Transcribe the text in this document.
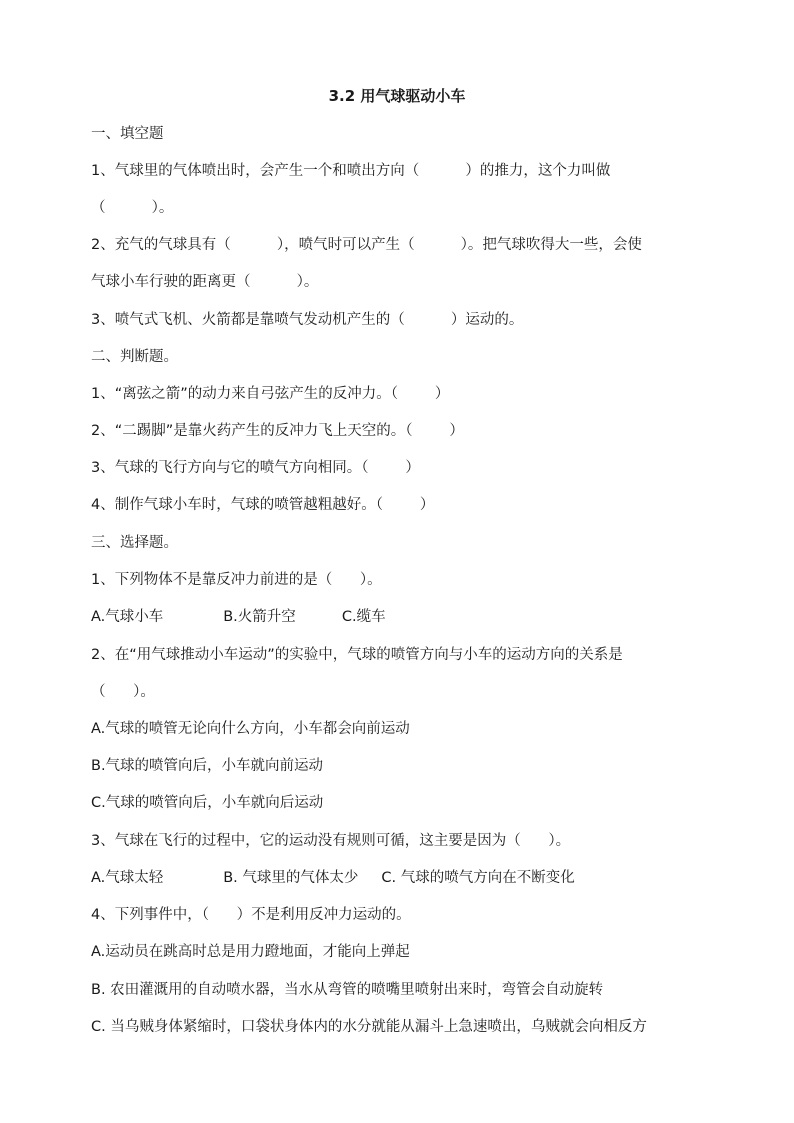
3.2 用气球驱动小车
一、填空题
1、气球里的气体喷出时，会产生一个和喷出方向（          ）的推力，这个力叫做
（          ）。
2、充气的气球具有（          ），喷气时可以产生（          ）。把气球吹得大一些，会使
气球小车行驶的距离更（          ）。
3、喷气式飞机、火箭都是靠喷气发动机产生的（          ）运动的。
二、判断题。
1、“离弦之箭”的动力来自弓弦产生的反冲力。（        ）
2、“二踢脚”是靠火药产生的反冲力飞上天空的。（        ）
3、气球的飞行方向与它的喷气方向相同。（        ）
4、制作气球小车时，气球的喷管越粗越好。（        ）
三、选择题。
1、下列物体不是靠反冲力前进的是（      ）。
A.气球小车             B.火箭升空          C.缆车
2、在“用气球推动小车运动”的实验中，气球的喷管方向与小车的运动方向的关系是
（      ）。
A.气球的喷管无论向什么方向，小车都会向前运动
B.气球的喷管向后，小车就向前运动
C.气球的喷管向后，小车就向后运动
3、气球在飞行的过程中，它的运动没有规则可循，这主要是因为（      ）。
A.气球太轻             B. 气球里的气体太少     C. 气球的喷气方向在不断变化
4、下列事件中，（      ）不是利用反冲力运动的。
A.运动员在跳高时总是用力蹬地面，才能向上弹起
B. 农田灌溉用的自动喷水器，当水从弯管的喷嘴里喷射出来时，弯管会自动旋转
C. 当乌贼身体紧缩时，口袋状身体内的水分就能从漏斗上急速喷出，乌贼就会向相反方
